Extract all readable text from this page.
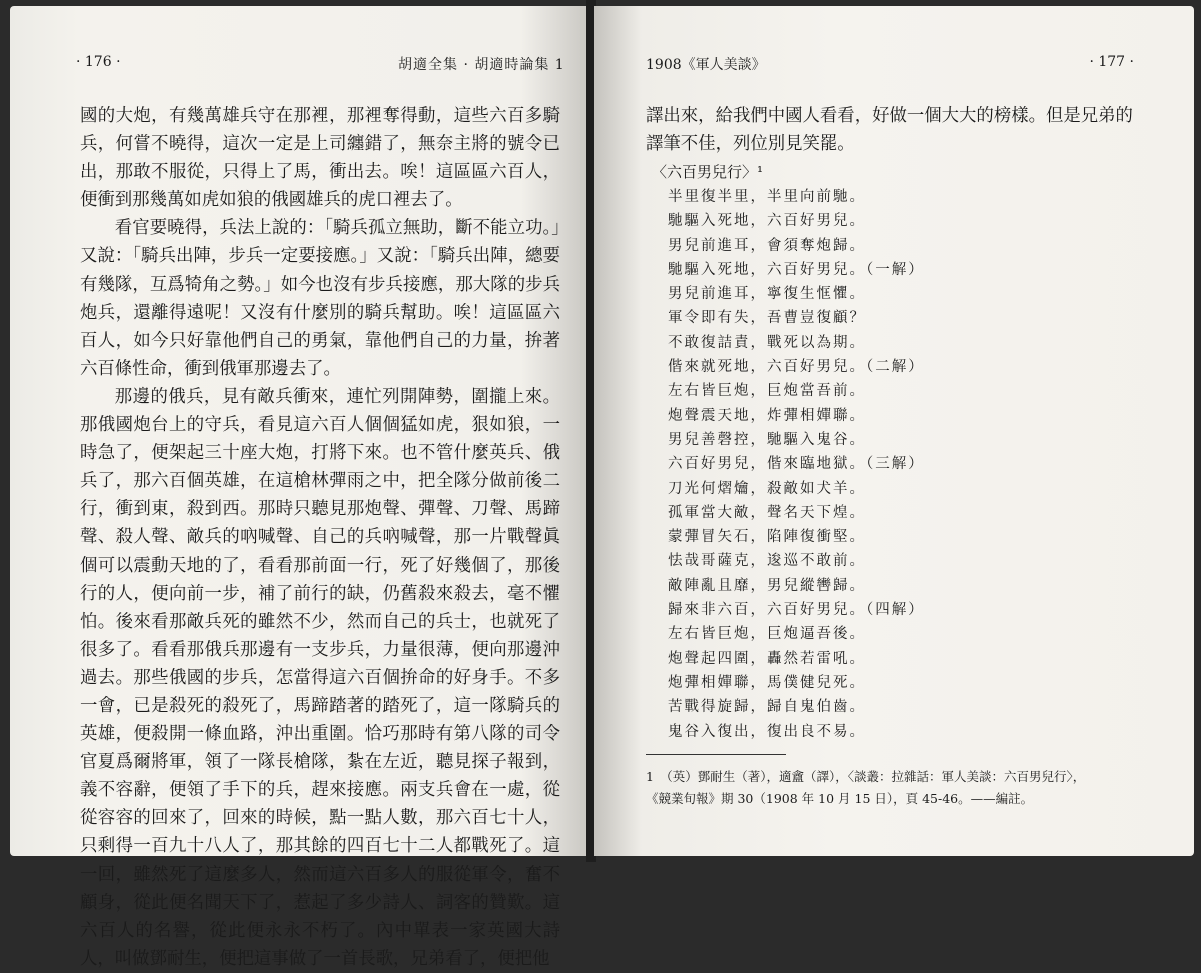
· 176 ·	胡適全集 · 胡適時論集 1

國的大炮，有幾萬雄兵守在那裡，那裡奪得動，這些六百多騎兵，何嘗不曉得，這次一定是上司纏錯了，無奈主將的號令已出，那敢不服從，只得上了馬，衝出去。唉！這區區六百人，便衝到那幾萬如虎如狼的俄國雄兵的虎口裡去了。

看官要曉得，兵法上說的：「騎兵孤立無助，斷不能立功。」又說：「騎兵出陣，步兵一定要接應。」又說：「騎兵出陣，總要有幾隊，互爲犄角之勢。」如今也沒有步兵接應，那大隊的步兵炮兵，還離得遠呢！又沒有什麼別的騎兵幫助。唉！這區區六百人，如今只好靠他們自己的勇氣，靠他們自己的力量，拚著六百條性命，衝到俄軍那邊去了。

那邊的俄兵，見有敵兵衝來，連忙列開陣勢，圍攏上來。那俄國炮台上的守兵，看見這六百人個個猛如虎，狠如狼，一時急了，便架起三十座大炮，打將下來。也不管什麼英兵、俄兵了，那六百個英雄，在這槍林彈雨之中，把全隊分做前後二行，衝到東，殺到西。那時只聽見那炮聲、彈聲、刀聲、馬蹄聲、殺人聲、敵兵的吶喊聲、自己的兵吶喊聲，那一片戰聲眞個可以震動天地的了，看看那前面一行，死了好幾個了，那後行的人，便向前一步，補了前行的缺，仍舊殺來殺去，毫不懼怕。後來看那敵兵死的雖然不少，然而自己的兵士，也就死了很多了。看看那俄兵那邊有一支步兵，力量很薄，便向那邊沖過去。那些俄國的步兵，怎當得這六百個拚命的好身手。不多一會，已是殺死的殺死了，馬蹄踏著的踏死了，這一隊騎兵的英雄，便殺開一條血路，沖出重圍。恰巧那時有第八隊的司令官夏爲爾將軍，領了一隊長槍隊，紮在左近，聽見探子報到，義不容辭，便領了手下的兵，趕來接應。兩支兵會在一處，從從容容的回來了，回來的時候，點一點人數，那六百七十人，只剩得一百九十八人了，那其餘的四百七十二人都戰死了。這一回，雖然死了這麼多人，然而這六百多人的服從軍令，奮不顧身，從此便名聞天下了，惹起了多少詩人、詞客的贊歎。這六百人的名譽，從此便永永不朽了。內中單表一家英國大詩人，叫做鄧耐生，便把這事做了一首長歌，兄弟看了，便把他

1908《軍人美談》	· 177 ·

譯出來，給我們中國人看看，好做一個大大的榜樣。但是兄弟的譯筆不佳，列位別見笑罷。

〈六百男兒行〉¹
半里復半里，半里向前馳。
馳驅入死地，六百好男兒。
男兒前進耳，會須奪炮歸。
馳驅入死地，六百好男兒。（一解）
男兒前進耳，寧復生恇懼。
軍令即有失，吾曹豈復顧？
不敢復詰責，戰死以為期。
偕來就死地，六百好男兒。（二解）
左右皆巨炮，巨炮當吾前。
炮聲震天地，炸彈相嬋聯。
男兒善磬控，馳驅入鬼谷。
六百好男兒，偕來臨地獄。（三解）
刀光何熠爚，殺敵如犬羊。
孤軍當大敵，聲名天下煌。
蒙彈冒矢石，陷陣復衝堅。
怯哉哥薩克，逡巡不敢前。
敵陣亂且靡，男兒縱轡歸。
歸來非六百，六百好男兒。（四解）
左右皆巨炮，巨炮逼吾後。
炮聲起四圍，轟然若雷吼。
炮彈相嬋聯，馬僕健兒死。
苦戰得旋歸，歸自鬼伯齒。
鬼谷入復出，復出良不易。
1　（英）鄧耐生（著），適盦（譯），〈談叢：拉雜話：軍人美談：六百男兒行〉，
《競業旬報》期 30（1908 年 10 月 15 日），頁 45-46。——編註。
